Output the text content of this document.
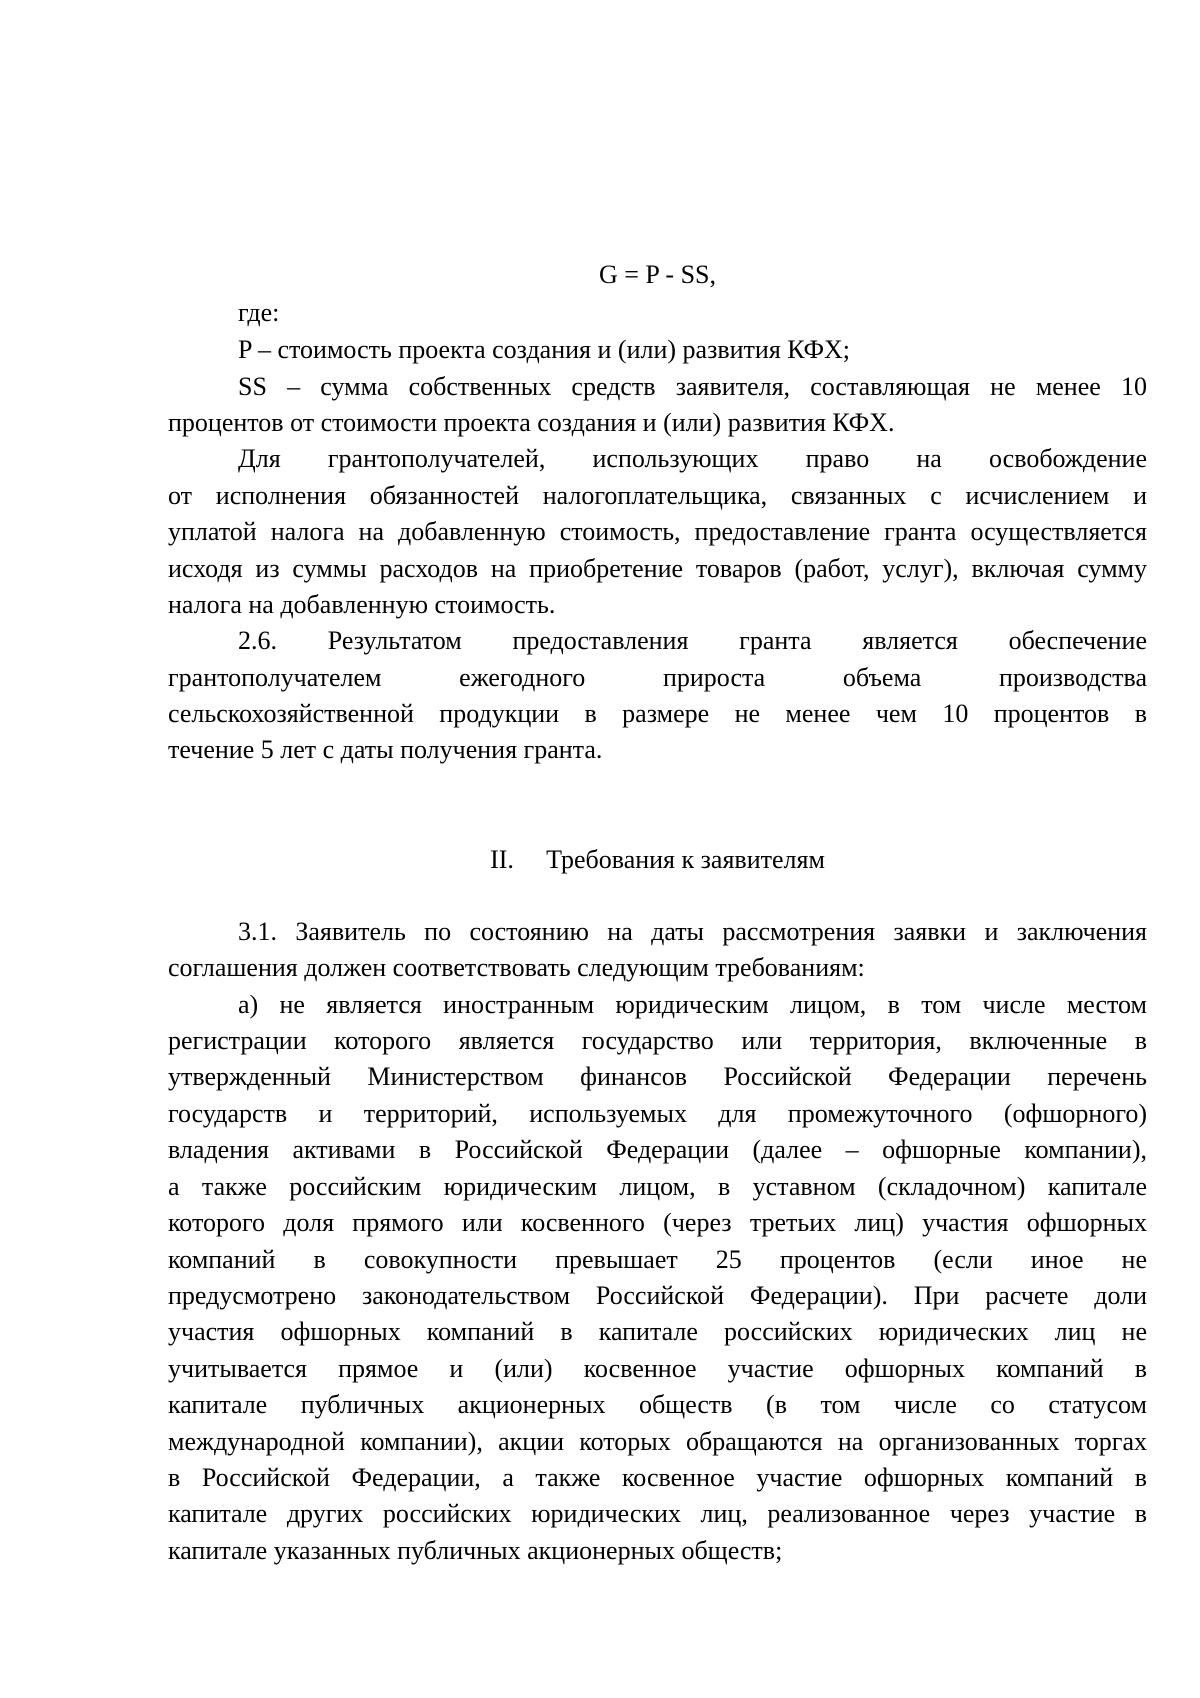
G = P - SS,
где:
P – стоимость проекта создания и (или) развития КФХ;
SS – сумма собственных средств заявителя, составляющая не менее 10
процентов от стоимости проекта создания и (или) развития КФХ.
Для грантополучателей, использующих право на освобождение
от исполнения обязанностей налогоплательщика, связанных с исчислением и
уплатой налога на добавленную стоимость, предоставление гранта осуществляется
исходя из суммы расходов на приобретение товаров (работ, услуг), включая сумму
налога на добавленную стоимость.
2.6. Результатом предоставления гранта является обеспечение
грантополучателем ежегодного прироста объема производства
сельскохозяйственной продукции в размере не менее чем 10 процентов в
течение 5 лет с даты получения гранта.
II. Требования к заявителям
3.1. Заявитель по состоянию на даты рассмотрения заявки и заключения
соглашения должен соответствовать следующим требованиям:
а) не является иностранным юридическим лицом, в том числе местом
регистрации которого является государство или территория, включенные в
утвержденный Министерством финансов Российской Федерации перечень
государств и территорий, используемых для промежуточного (офшорного)
владения активами в Российской Федерации (далее – офшорные компании),
а также российским юридическим лицом, в уставном (складочном) капитале
которого доля прямого или косвенного (через третьих лиц) участия офшорных
компаний в совокупности превышает 25 процентов (если иное не
предусмотрено законодательством Российской Федерации). При расчете доли
участия офшорных компаний в капитале российских юридических лиц не
учитывается прямое и (или) косвенное участие офшорных компаний в
капитале публичных акционерных обществ (в том числе со статусом
международной компании), акции которых обращаются на организованных торгах
в Российской Федерации, а также косвенное участие офшорных компаний в
капитале других российских юридических лиц, реализованное через участие в
капитале указанных публичных акционерных обществ;
